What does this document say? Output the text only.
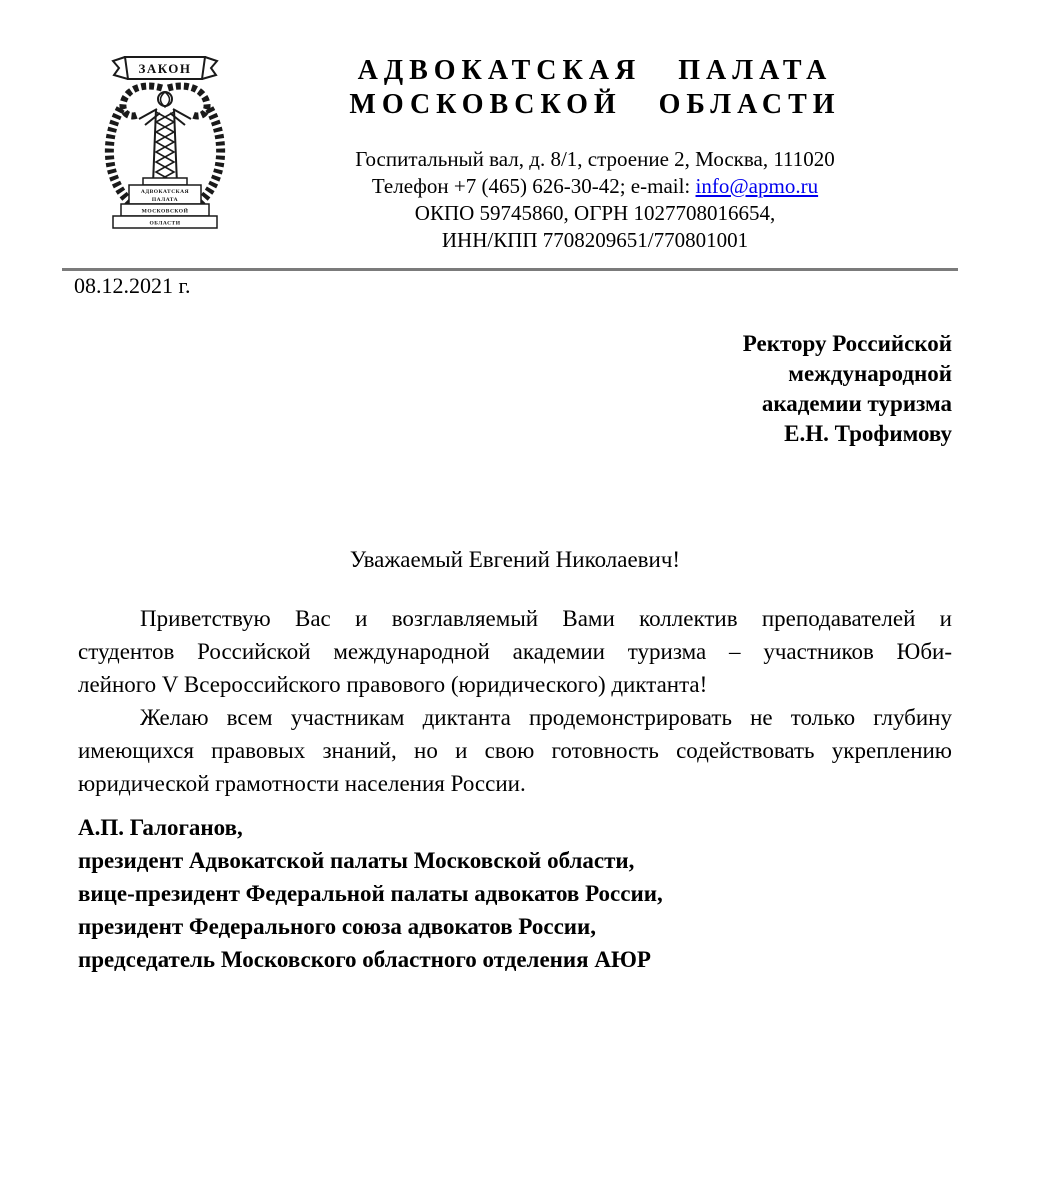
ЗАКОН
АДВОКАТСКАЯ
ПАЛАТА
МОСКОВСКОЙ
ОБЛАСТИ
АДВОКАТСКАЯ ПАЛАТА
МОСКОВСКОЙ ОБЛАСТИ
Госпитальный вал, д. 8/1, строение 2, Москва, 111020
Телефон +7 (465) 626-30-42; e-mail: info@apmo.ru
ОКПО 59745860, ОГРН 1027708016654,
ИНН/КПП 7708209651/770801001
08.12.2021 г.
Ректору Российской
международной
академии туризма
Е.Н. Трофимову
Уважаемый Евгений Николаевич!
Приветствую Вас и возглавляемый Вами коллектив преподавателей и
студентов Российской международной академии туризма – участников Юби-
лейного V Всероссийского правового (юридического) диктанта!
Желаю всем участникам диктанта продемонстрировать не только глубину
имеющихся правовых знаний, но и свою готовность содействовать укреплению
юридической грамотности населения России.
А.П. Галоганов,
президент Адвокатской палаты Московской области,
вице-президент Федеральной палаты адвокатов России,
президент Федерального союза адвокатов России,
председатель Московского областного отделения АЮР
